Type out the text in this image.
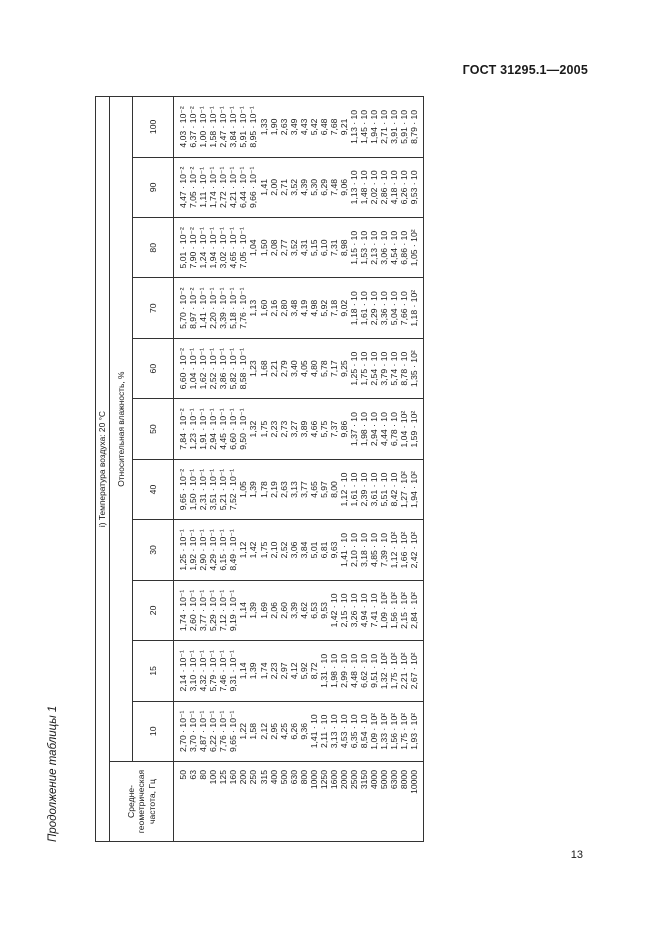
ГОСТ 31295.1—2005
Продолжение таблицы 1
i) Температура воздуха: 20 °C											
Средне-геометрическая частота, Гц	Относительная влажность, %										
	10	15	20	30	40	50	60	70	80	90	100
50	2,70 · 10⁻¹	2,14 · 10⁻¹	1,74 · 10⁻¹	1,25 · 10⁻¹	9,65 · 10⁻²	7,84 · 10⁻²	6,60 · 10⁻²	5,70 · 10⁻²	5,01 · 10⁻²	4,47 · 10⁻²	4,03 · 10⁻²
63	3,70 · 10⁻¹	3,10 · 10⁻¹	2,60 · 10⁻¹	1,92 · 10⁻¹	1,50 · 10⁻¹	1,23 · 10⁻¹	1,04 · 10⁻¹	8,97 · 10⁻²	7,90 · 10⁻²	7,05 · 10⁻²	6,37 · 10⁻²
80	4,87 · 10⁻¹	4,32 · 10⁻¹	3,77 · 10⁻¹	2,90 · 10⁻¹	2,31 · 10⁻¹	1,91 · 10⁻¹	1,62 · 10⁻¹	1,41 · 10⁻¹	1,24 · 10⁻¹	1,11 · 10⁻¹	1,00 · 10⁻¹
100	6,22 · 10⁻¹	5,79 · 10⁻¹	5,29 · 10⁻¹	4,29 · 10⁻¹	3,51 · 10⁻¹	2,94 · 10⁻¹	2,52 · 10⁻¹	2,20 · 10⁻¹	1,94 · 10⁻¹	1,74 · 10⁻¹	1,58 · 10⁻¹
125	7,76 · 10⁻¹	7,46 · 10⁻¹	7,12 · 10⁻¹	6,15 · 10⁻¹	5,21 · 10⁻¹	4,45 · 10⁻¹	3,86 · 10⁻¹	3,39 · 10⁻¹	3,02 · 10⁻¹	2,72 · 10⁻¹	2,47 · 10⁻¹
160	9,65 · 10⁻¹	9,31 · 10⁻¹	9,19 · 10⁻¹	8,49 · 10⁻¹	7,52 · 10⁻¹	6,60 · 10⁻¹	5,82 · 10⁻¹	5,18 · 10⁻¹	4,65 · 10⁻¹	4,21 · 10⁻¹	3,84 · 10⁻¹
200	1,22	1,14	1,14	1,12	1,05	9,50 · 10⁻¹	8,58 · 10⁻¹	7,76 · 10⁻¹	7,05 · 10⁻¹	6,44 · 10⁻¹	5,91 · 10⁻¹
250	1,58	1,39	1,39	1,42	1,39	1,32	1,23	1,13	1,04	9,66 · 10⁻¹	8,95 · 10⁻¹
315	2,12	1,74	1,69	1,75	1,78	1,75	1,68	1,60	1,50	1,41	1,33
400	2,95	2,23	2,06	2,10	2,19	2,23	2,21	2,16	2,08	2,00	1,90
500	4,25	2,97	2,60	2,52	2,63	2,73	2,79	2,80	2,77	2,71	2,63
630	6,26	4,12	3,39	3,06	3,13	3,27	3,40	3,48	3,52	3,52	3,49
800	9,36	5,92	4,62	3,84	3,77	3,89	4,05	4,19	4,31	4,39	4,43
1000	1,41 · 10	8,72	6,53	5,01	4,65	4,66	4,80	4,98	5,15	5,30	5,42
1250	2,11 · 10	1,31 · 10	9,53	6,81	5,97	5,75	5,78	5,92	6,10	6,29	6,48
1600	3,13 · 10	1,98 · 10	1,42 · 10	9,63	8,00	7,37	7,17	7,18	7,31	7,48	7,68
2000	4,53 · 10	2,99 · 10	2,15 · 10	1,41 · 10	1,12 · 10	9,86	9,25	9,02	8,98	9,06	9,21
2500	6,35 · 10	4,48 · 10	3,26 · 10	2,10 · 10	1,61 · 10	1,37 · 10	1,25 · 10	1,18 · 10	1,15 · 10	1,13 · 10	1,13 · 10
3150	8,54 · 10	6,62 · 10	4,94 · 10	3,18 · 10	2,39 · 10	1,98 · 10	1,75 · 10	1,61 · 10	1,53 · 10	1,48 · 10	1,45 · 10
4000	1,09 · 10²	9,51 · 10	7,41 · 10	4,85 · 10	3,61 · 10	2,94 · 10	2,54 · 10	2,29 · 10	2,13 · 10	2,02 · 10	1,94 · 10
5000	1,33 · 10²	1,32 · 10²	1,09 · 10²	7,39 · 10	5,51 · 10	4,44 · 10	3,79 · 10	3,36 · 10	3,06 · 10	2,86 · 10	2,71 · 10
6300	1,56 · 10²	1,75 · 10²	1,56 · 10²	1,12 · 10²	8,42 · 10	6,78 · 10	5,74 · 10	5,04 · 10	4,54 · 10	4,18 · 10	3,91 · 10
8000	1,75 · 10²	2,21 · 10²	2,15 · 10²	1,66 · 10²	1,27 · 10²	1,04 · 10²	8,78 · 10	7,66 · 10	6,86 · 10	6,26 · 10	5,91 · 10
10000	1,93 · 10²	2,67 · 10²	2,84 · 10²	2,42 · 10²	1,94 · 10²	1,59 · 10²	1,35 · 10²	1,18 · 10²	1,05 · 10²	9,53 · 10	8,79 · 10
13
